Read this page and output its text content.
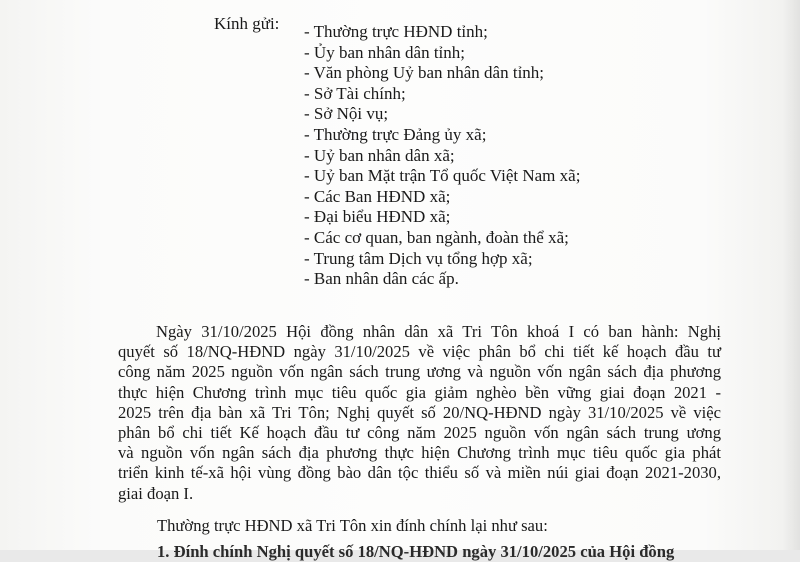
Kính gửi: - Thường trực HĐND tỉnh;
- Ủy ban nhân dân tỉnh;
- Văn phòng Uỷ ban nhân dân tỉnh;
- Sở Tài chính;
- Sở Nội vụ;
- Thường trực Đảng ủy xã;
- Uỷ ban nhân dân xã;
- Uỷ ban Mặt trận Tổ quốc Việt Nam xã;
- Các Ban HĐND xã;
- Đại biểu HĐND xã;
- Các cơ quan, ban ngành, đoàn thể xã;
- Trung tâm Dịch vụ tổng hợp xã;
- Ban nhân dân các ấp.

Ngày 31/10/2025 Hội đồng nhân dân xã Tri Tôn khoá I có ban hành: Nghị
quyết số 18/NQ-HĐND ngày 31/10/2025 về việc phân bổ chi tiết kế hoạch đầu tư
công năm 2025 nguồn vốn ngân sách trung ương và nguồn vốn ngân sách địa phương
thực hiện Chương trình mục tiêu quốc gia giảm nghèo bền vững giai đoạn 2021 -
2025 trên địa bàn xã Tri Tôn; Nghị quyết số 20/NQ-HĐND ngày 31/10/2025 về việc
phân bổ chi tiết Kế hoạch đầu tư công năm 2025 nguồn vốn ngân sách trung ương
và nguồn vốn ngân sách địa phương thực hiện Chương trình mục tiêu quốc gia phát
triển kinh tế-xã hội vùng đồng bào dân tộc thiểu số và miền núi giai đoạn 2021-2030,
giai đoạn I.

Thường trực HĐND xã Tri Tôn xin đính chính lại như sau:
1. Đính chính Nghị quyết số 18/NQ-HĐND ngày 31/10/2025 của Hội đồng
